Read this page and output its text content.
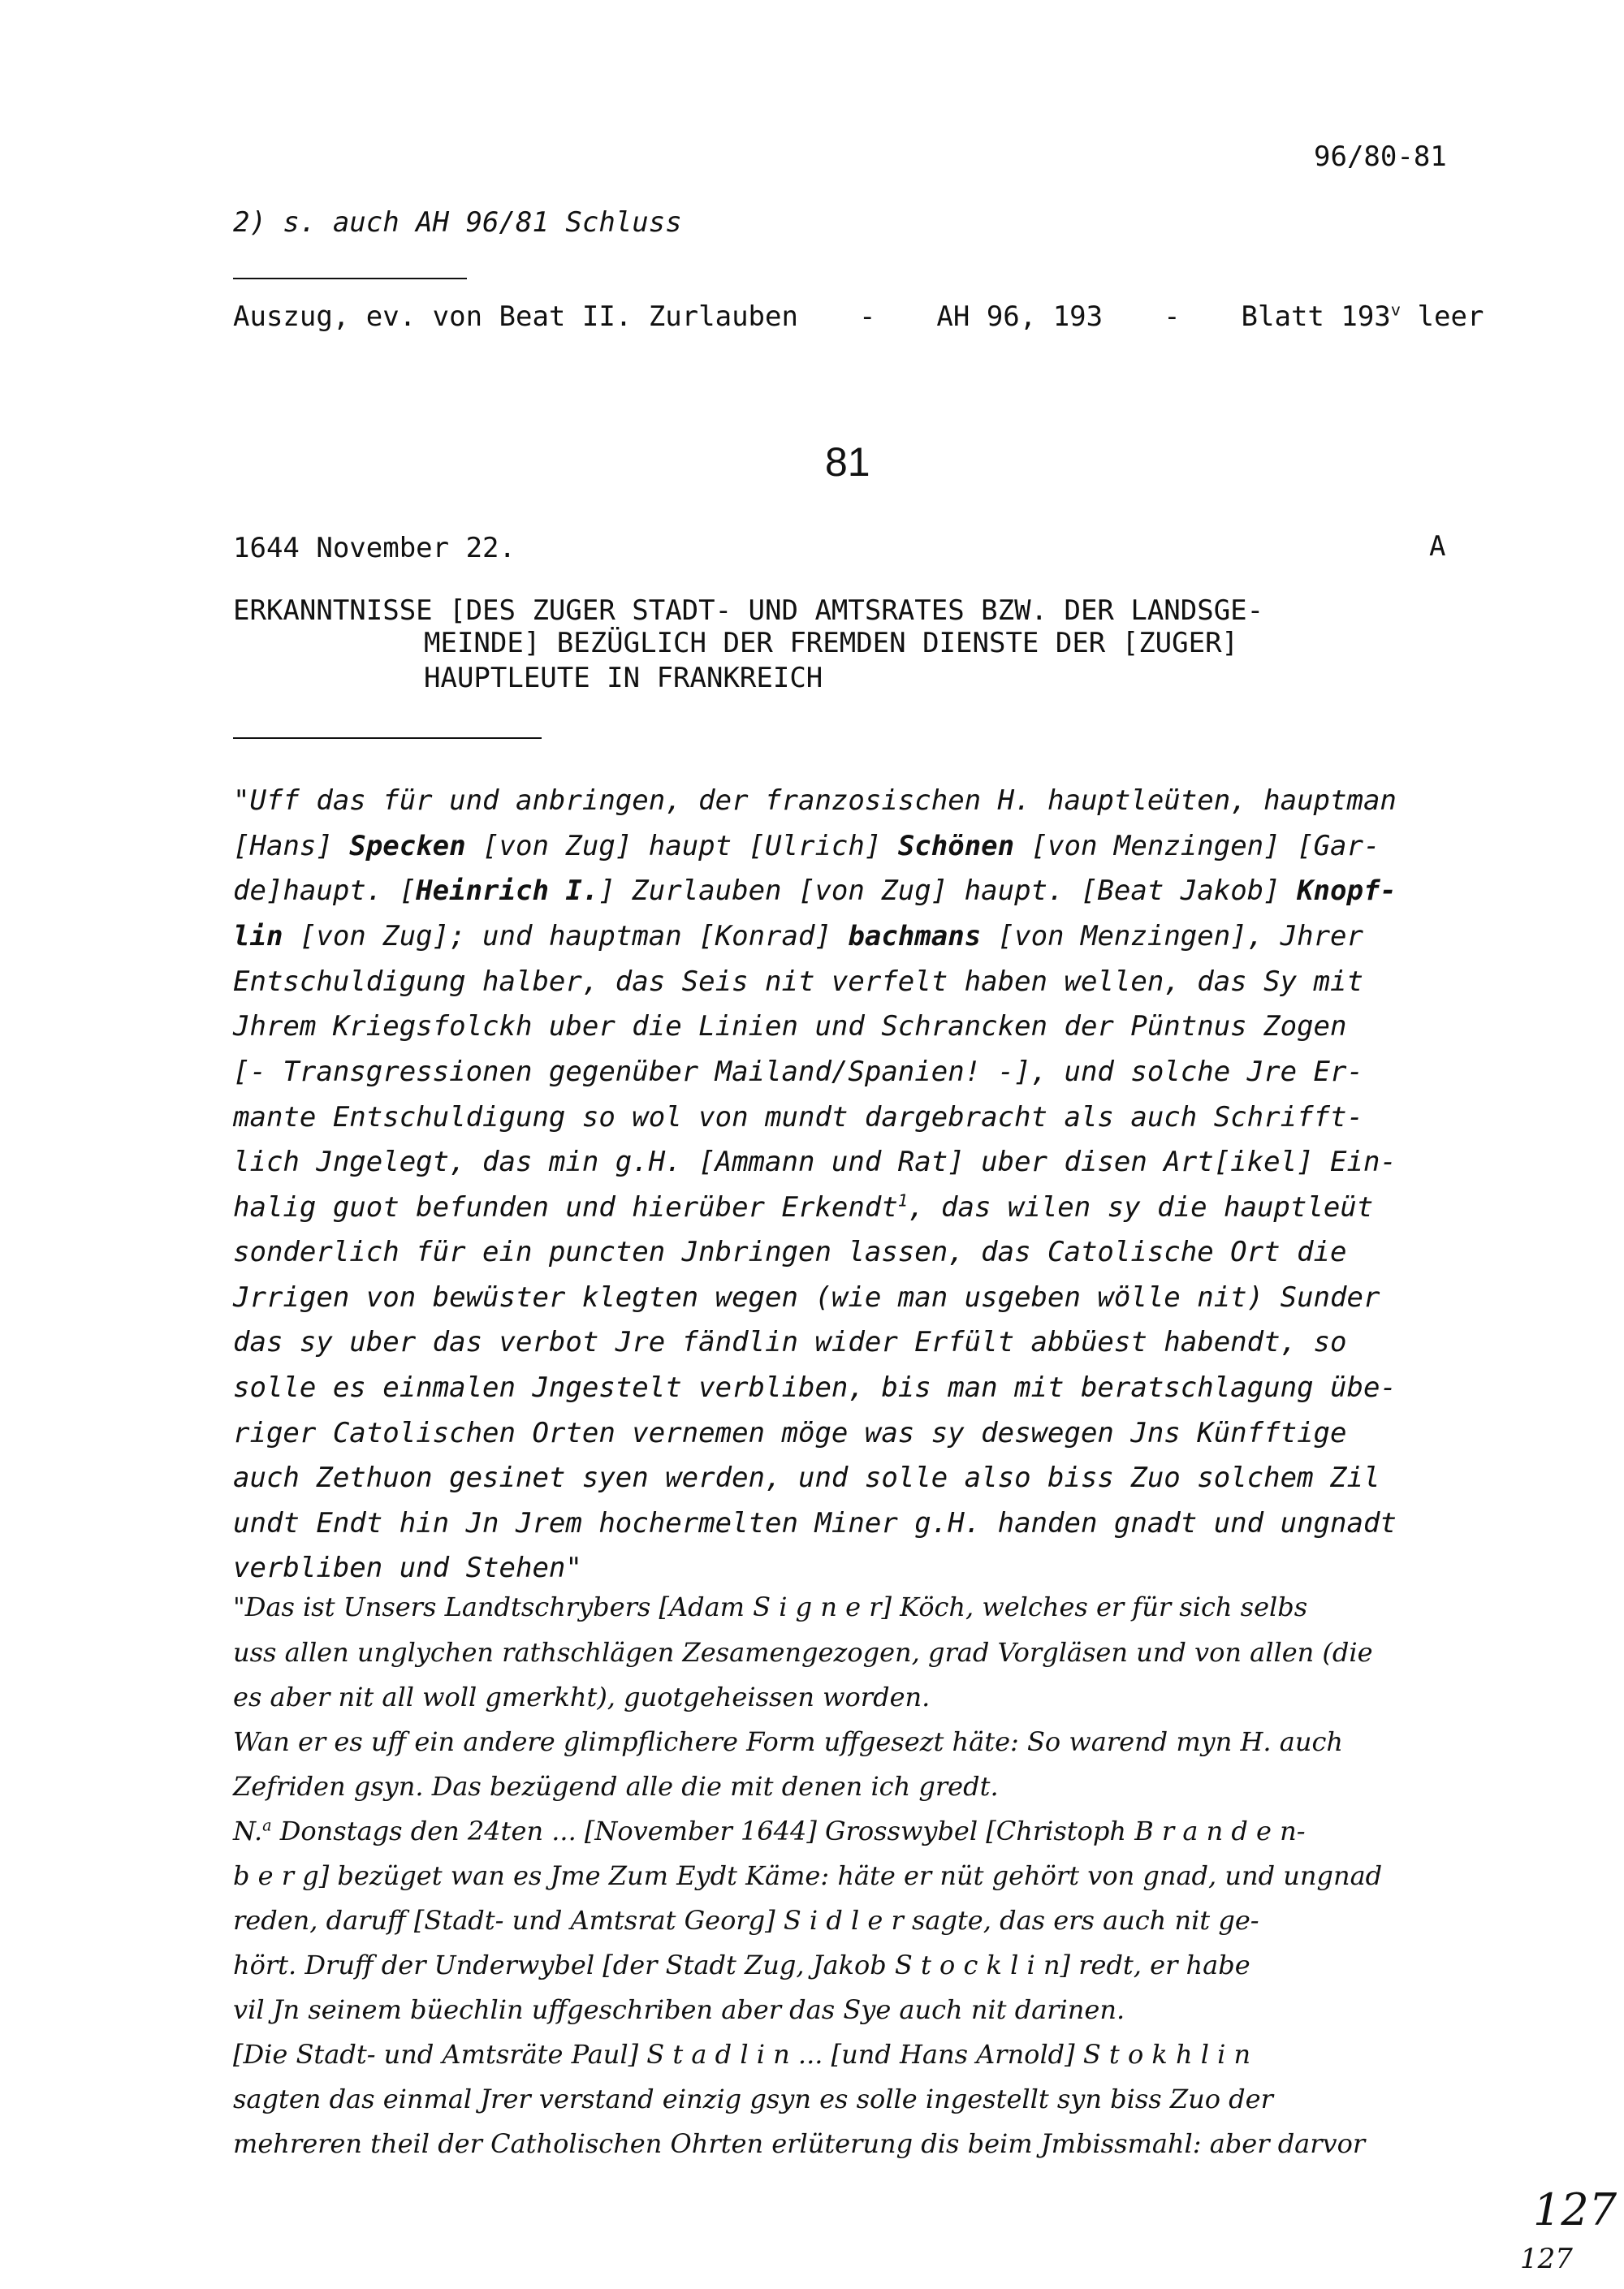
96/80-81
2) s. auch AH 96/81 Schluss
Auszug, ev. von Beat II. Zurlauben - AH 96, 193 - Blatt 193$^v$ leer
81
1644 November 22.	A
ERKANNTNISSE [DES ZUGER STADT- UND AMTSRATES BZW. DER LANDSGE-
MEINDE] BEZÜGLICH DER FREMDEN DIENSTE DER [ZUGER]
HAUPTLEUTE IN FRANKREICH
"Uff das für und anbringen, der franzosischen H. hauptleüten, hauptman
[Hans] Specken [von Zug] haupt [Ulrich] Schönen [von Menzingen] [Gar-
de]haupt. [Heinrich I.] Zurlauben [von Zug] haupt. [Beat Jakob] Knopf-
lin [von Zug]; und hauptman [Konrad] bachmans [von Menzingen], Jhrer
Entschuldigung halber, das Seis nit verfelt haben wellen, das Sy mit
Jhrem Kriegsfolckh uber die Linien und Schrancken der Püntnus Zogen
[- Transgressionen gegenüber Mailand/Spanien! -], und solche Jre Er-
mante Entschuldigung so wol von mundt dargebracht als auch Schrifft-
lich Jngelegt, das min g.H. [Ammann und Rat] uber disen Art[ikel] Ein-
halig guot befunden und hierüber Erkendt$^1$, das wilen sy die hauptleüt
sonderlich für ein puncten Jnbringen lassen, das Catolische Ort die
Jrrigen von bewüster klegten wegen (wie man usgeben wölle nit) Sunder
das sy uber das verbot Jre fändlin wider Erfült abbüest habendt, so
solle es einmalen Jngestelt verbliben, bis man mit beratschlagung übe-
riger Catolischen Orten vernemen möge was sy deswegen Jns Künfftige
auch Zethuon gesinet syen werden, und solle also biss Zuo solchem Zil
undt Endt hin Jn Jrem hochermelten Miner g.H. handen gnadt und ungnadt
verbliben und Stehen"
"Das ist Unsers Landtschrybers [Adam S i g n e r] Köch, welches er für sich selbs
uss allen unglychen rathschlägen Zesamengezogen, grad Vorgläsen und von allen (die
es aber nit all woll gmerkht), guotgeheissen worden.
Wan er es uff ein andere glimpflichere Form uffgesezt häte: So warend myn H. auch
Zefriden gsyn. Das bezügend alle die mit denen ich gredt.
N.$^a$ Donstags den 24ten ... [November 1644] Grosswybel [Christoph B r a n d e n-
b e r g] bezüget wan es Jme Zum Eydt Käme: häte er nüt gehört von gnad, und ungnad
reden, daruff [Stadt- und Amtsrat Georg] S i d l e r sagte, das ers auch nit ge-
hört. Druff der Underwybel [der Stadt Zug, Jakob S t o c k l i n] redt, er habe
vil Jn seinem büechlin uffgeschriben aber das Sye auch nit darinen.
[Die Stadt- und Amtsräte Paul] S t a d l i n ... [und Hans Arnold] S t o k h l i n
sagten das einmal Jrer verstand einzig gsyn es solle ingestellt syn biss Zuo der
mehreren theil der Catholischen Ohrten erlüterung dis beim Jmbissmahl: aber darvor
127
127
